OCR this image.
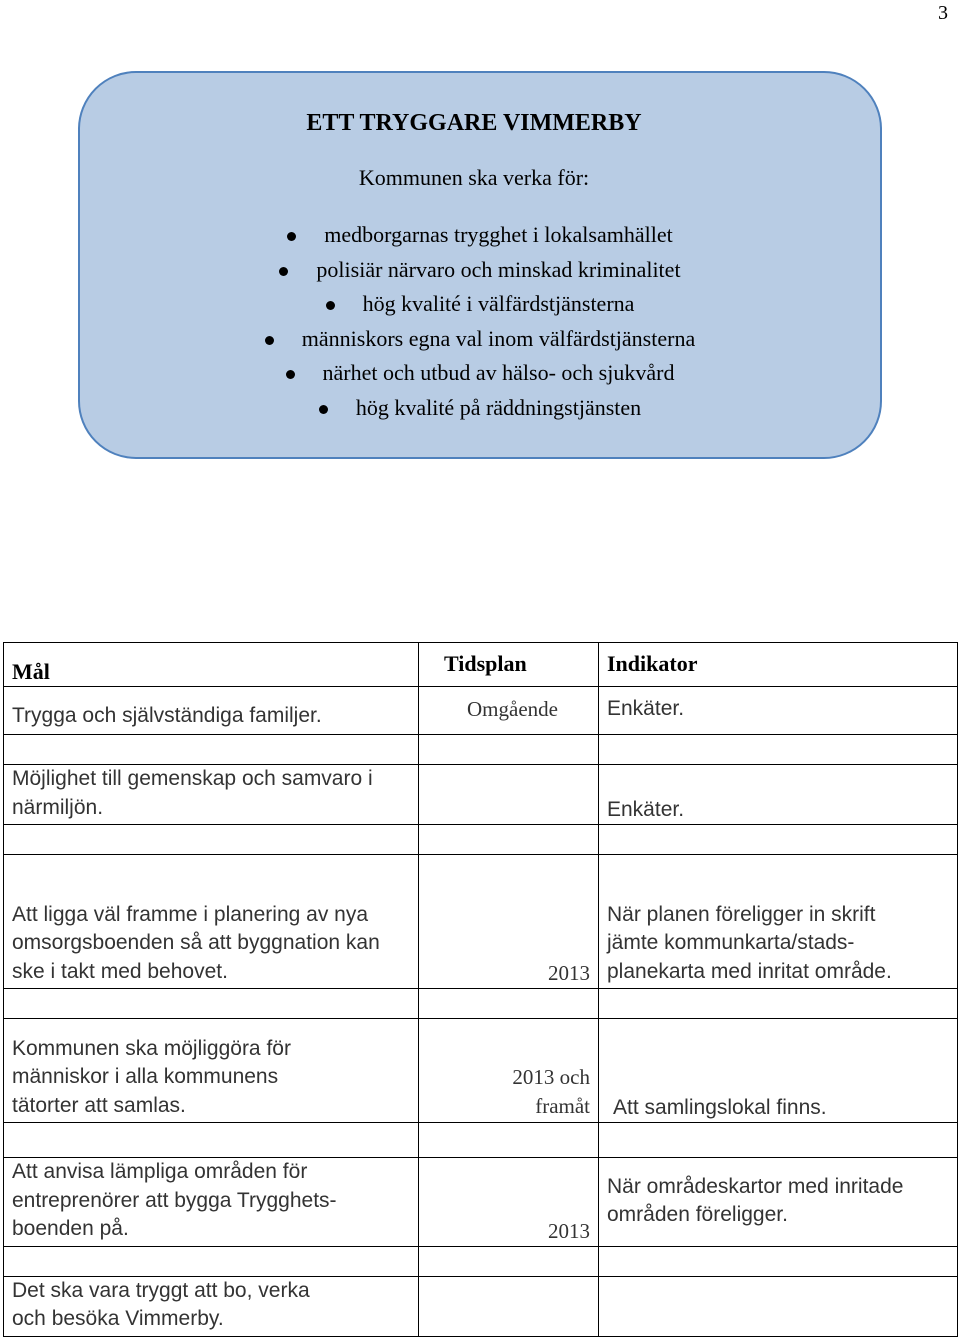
3
ETT TRYGGARE VIMMERBY
Kommunen ska verka för:
medborgarnas trygghet i lokalsamhället
polisiär närvaro och minskad kriminalitet
hög kvalité i välfärdstjänsterna
människors egna val inom välfärdstjänsterna
närhet och utbud av hälso- och sjukvård
hög kvalité på räddningstjänsten
Mål	Tidsplan	Indikator
Trygga och självständiga familjer.	Omgående	Enkäter.

Möjlighet till gemenskap och samvaro i närmiljön.		Enkäter.

Att ligga väl framme i planering av nya omsorgsboenden så att byggnation kan ske i takt med behovet.	2013	När planen föreligger in skrift jämte kommunkarta/stads-planekarta med inritat område.

Kommunen ska möjliggöra för människor i alla kommunens tätorter att samlas.	2013 och framåt	Att samlingslokal finns.

Att anvisa lämpliga områden för entreprenörer att bygga Trygghets-boenden på.	2013	När områdeskartor med inritade områden föreligger.

Det ska vara tryggt att bo, verka och besöka Vimmerby.		
